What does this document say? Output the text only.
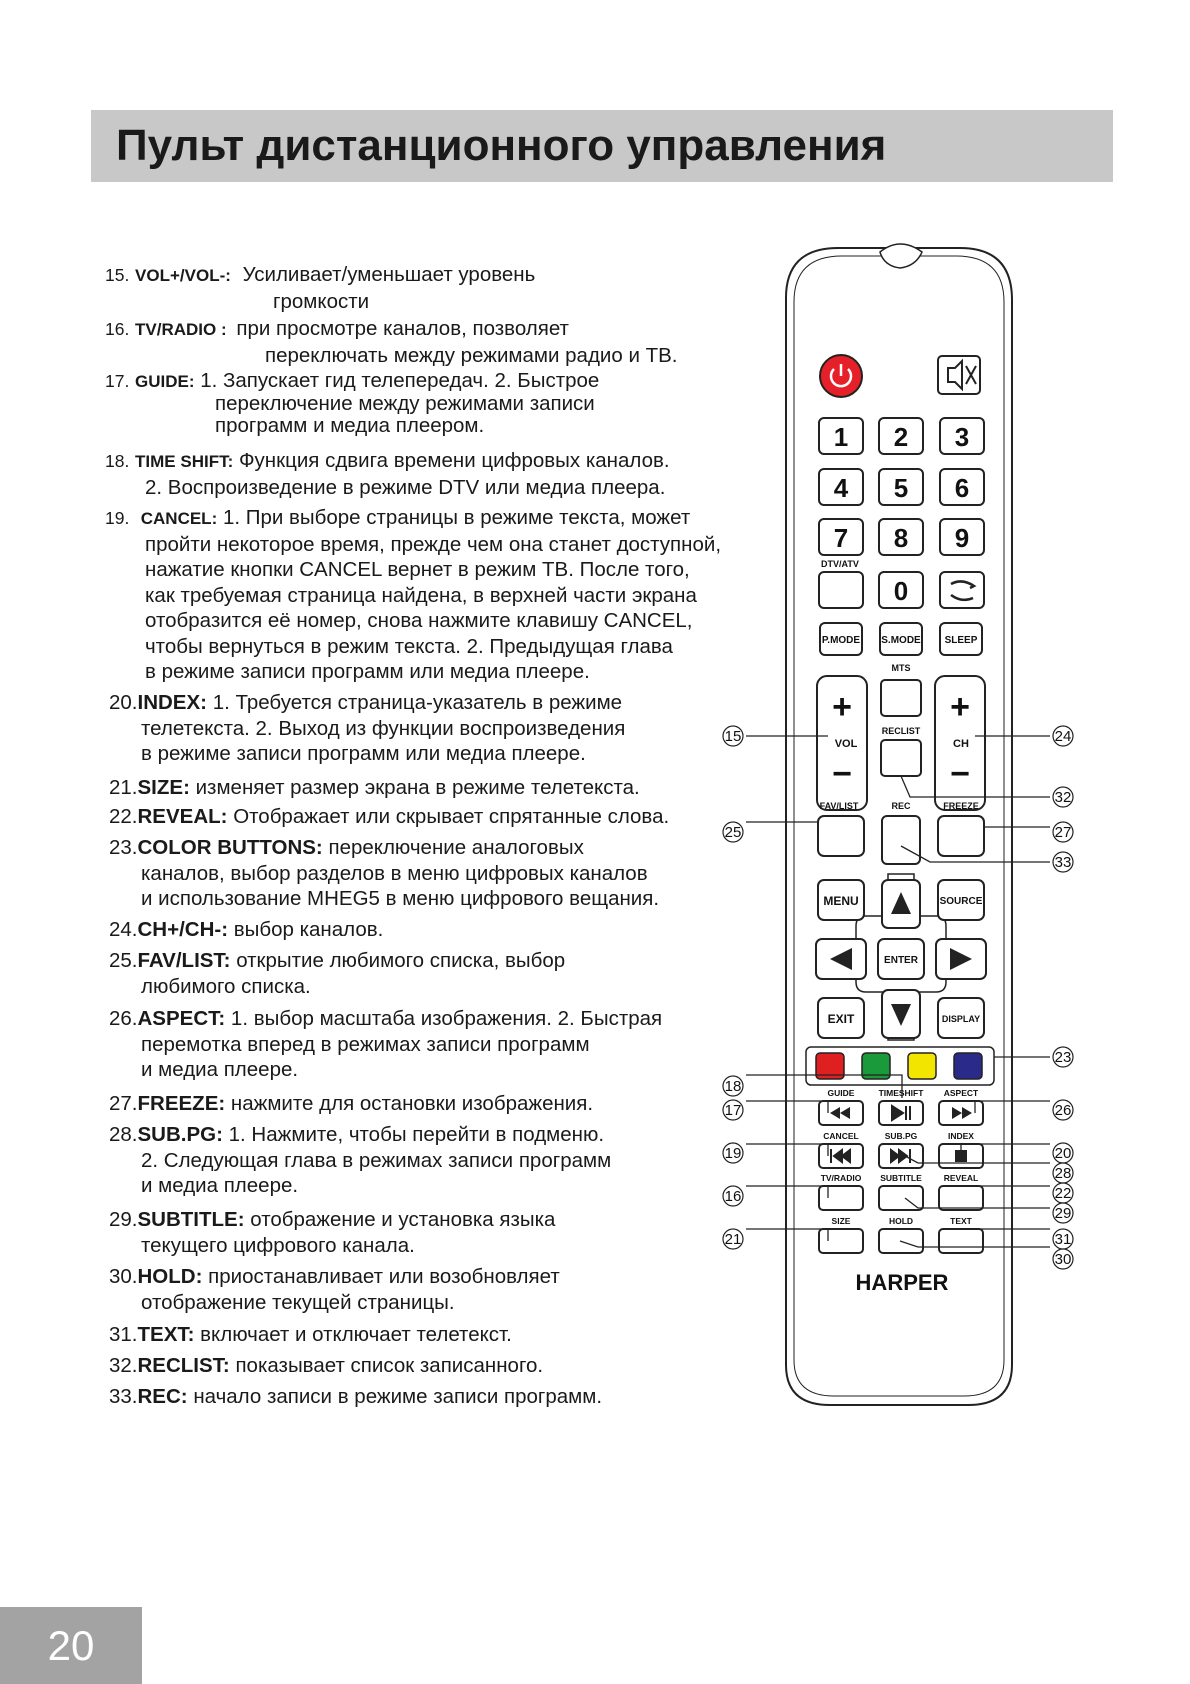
Пульт дистанционного управления
15. VOL+/VOL-: Усиливает/уменьшает уровень
громкости
16. TV/RADIO : при просмотре каналов, позволяет
переключать между режимами радио и ТВ.
17. GUIDE: 1. Запускает гид телепередач. 2. Быстрое
переключение между режимами записи
программ и медиа плеером.
18. TIME SHIFT: Функция сдвига времени цифровых каналов.
2. Воспроизведение в режиме DTV или медиа плеера.
19. CANCEL: 1. При выборе страницы в режиме текста, может
пройти некоторое время, прежде чем она станет доступной,
нажатие кнопки CANCEL вернет в режим ТВ. После того,
как требуемая страница найдена, в верхней части экрана
отобразится её номер, снова нажмите клавишу CANCEL,
чтобы вернуться в режим текста. 2. Предыдущая глава
в режиме записи программ или медиа плеере.
20.INDEX: 1. Требуется страница-указатель в режиме
телетекста. 2. Выход из функции воспроизведения
в режиме записи программ или медиа плеере.
21.SIZE: изменяет размер экрана в режиме телетекста.
22.REVEAL: Отображает или скрывает спрятанные слова.
23.COLOR BUTTONS: переключение аналоговых
каналов, выбор разделов в меню цифровых каналов
и использование MHEG5 в меню цифрового вещания.
24.CH+/CH-: выбор каналов.
25.FAV/LIST: открытие любимого списка, выбор
любимого списка.
26.ASPECT: 1. выбор масштаба изображения. 2. Быстрая
перемотка вперед в режимах записи программ
и медиа плеере.
27.FREEZE: нажмите для остановки изображения.
28.SUB.PG: 1. Нажмите, чтобы перейти в подменю.
2. Следующая глава в режимах записи программ
и медиа плеере.
29.SUBTITLE: отображение и установка языка
текущего цифрового канала.
30.HOLD: приостанавливает или возобновляет
отображение текущей страницы.
31.TEXT: включает и отключает телетекст.
32.RECLIST: показывает список записанного.
33.REC: начало записи в режиме записи программ.
1 2 3
4 5 6
7 8 9
0
DTV/ATV
P.MODE S.MODE SLEEP
MTS
+
VOL
−
+
CH
−
RECLIST
FAV/LIST	REC	FREEZE
MENU	SOURCE
ENTER
EXIT	DISPLAY
GUIDE	TIMESHIFT ASPECT
CANCEL	SUB.PG	INDEX
TV/RADIO SUBTITLE	REVEAL
SIZE	HOLD	TEXT
HARPER
15
18
17
19
16
21
25
24
32
27
33
23
26
20
28
22
29
31
30
20
